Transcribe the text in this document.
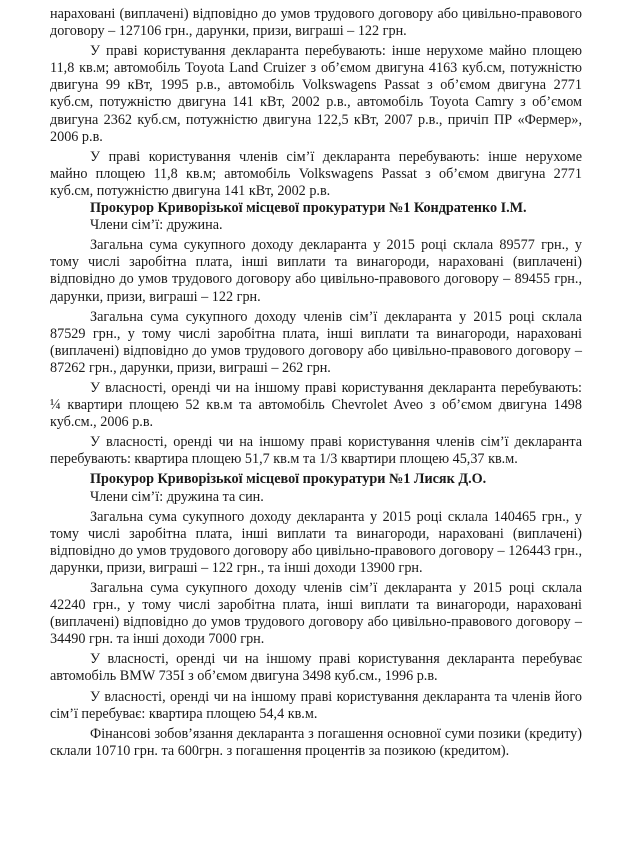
нараховані (виплачені) відповідно до умов трудового договору або цивільно-правового договору – 127106 грн., дарунки, призи, виграші – 122 грн.

У праві користування декларанта перебувають: інше нерухоме майно площею 11,8 кв.м; автомобіль Toyota Land Cruizer з об’ємом двигуна 4163 куб.см, потужністю двигуна 99 кВт, 1995 р.в., автомобіль Volkswagens Passat з об’ємом двигуна 2771 куб.см, потужністю двигуна 141 кВт, 2002 р.в., автомобіль Toyota Camry з об’ємом двигуна 2362 куб.см, потужністю двигуна 122,5 кВт, 2007 р.в., причіп ПР «Фермер», 2006 р.в.

У праві користування членів сім’ї декларанта перебувають: інше нерухоме майно площею 11,8 кв.м; автомобіль Volkswagens Passat з об’ємом двигуна 2771 куб.см, потужністю двигуна 141 кВт, 2002 р.в.

Прокурор Криворізької місцевої прокуратури №1 Кондратенко І.М.

Члени сім’ї: дружина.

Загальна сума сукупного доходу декларанта у 2015 році склала 89577 грн., у тому числі заробітна плата, інші виплати та винагороди, нараховані (виплачені) відповідно до умов трудового договору або цивільно-правового договору – 89455 грн., дарунки, призи, виграші – 122 грн.

Загальна сума сукупного доходу членів сім’ї декларанта у 2015 році склала 87529 грн., у тому числі заробітна плата, інші виплати та винагороди, нараховані (виплачені) відповідно до умов трудового договору або цивільно-правового договору – 87262 грн., дарунки, призи, виграші – 262 грн.

У власності, оренді чи на іншому праві користування декларанта перебувають: ¼ квартири площею 52 кв.м та автомобіль Chevrolet Aveo з об’ємом двигуна 1498 куб.см., 2006 р.в.

У власності, оренді чи на іншому праві користування членів сім’ї декларанта перебувають: квартира площею 51,7 кв.м та 1/3 квартири площею 45,37 кв.м.

Прокурор Криворізької місцевої прокуратури №1 Лисяк Д.О.

Члени сім’ї: дружина та син.

Загальна сума сукупного доходу декларанта у 2015 році склала 140465 грн., у тому числі заробітна плата, інші виплати та винагороди, нараховані (виплачені) відповідно до умов трудового договору або цивільно-правового договору – 126443 грн., дарунки, призи, виграші – 122 грн., та інші доходи 13900 грн.

Загальна сума сукупного доходу членів сім’ї декларанта у 2015 році склала 42240 грн., у тому числі заробітна плата, інші виплати та винагороди, нараховані (виплачені) відповідно до умов трудового договору або цивільно-правового договору – 34490 грн. та інші доходи 7000 грн.

У власності, оренді чи на іншому праві користування декларанта перебуває автомобіль BMW 735I з об’ємом двигуна 3498 куб.см., 1996 р.в.

У власності, оренді чи на іншому праві користування декларанта та членів його сім’ї перебуває: квартира площею 54,4 кв.м.

Фінансові зобов’язання декларанта з погашення основної суми позики (кредиту) склали 10710 грн. та 600грн. з погашення процентів за позикою (кредитом).
